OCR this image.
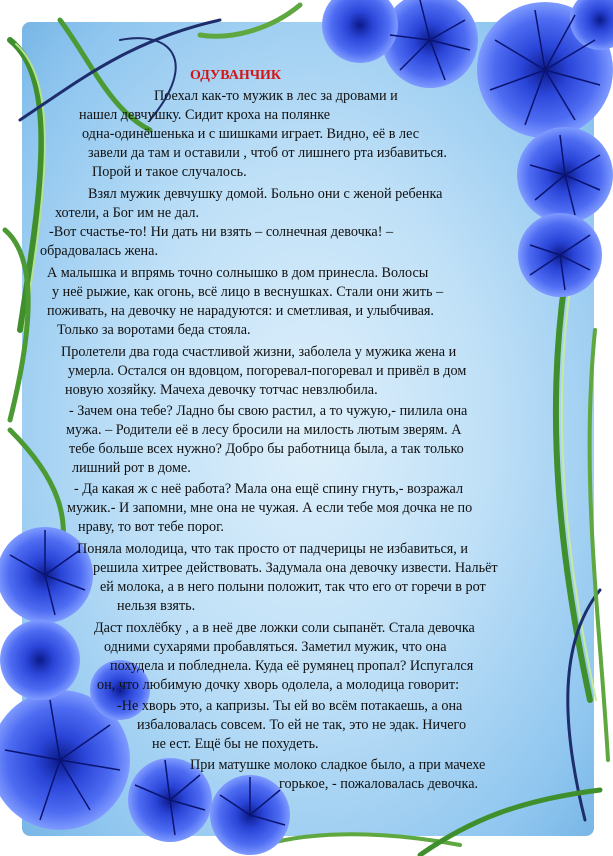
ОДУВАНЧИК
Поехал как-то мужик в лес за дровами и
нашел девчушку. Сидит кроха на полянке
одна-одинёшенька и с шишками играет. Видно, её в лес
завели да там и оставили , чтоб от лишнего рта избавиться.
Порой и такое случалось.
Взял мужик девчушку домой. Больно они с женой ребенка
хотели, а Бог им не дал.
-Вот счастье-то! Ни дать ни взять – солнечная девочка! –
обрадовалась жена.
А малышка и впрямь точно солнышко в дом принесла. Волосы
у неё рыжие, как огонь, всё лицо в веснушках. Стали они жить –
поживать, на девочку не нарадуются: и сметливая, и улыбчивая.
Только за воротами беда стояла.
Пролетели два года счастливой жизни, заболела у мужика жена и
умерла. Остался он вдовцом, погоревал-погоревал и привёл в дом
новую хозяйку. Мачеха девочку тотчас невзлюбила.
- Зачем она тебе? Ладно бы свою растил, а то чужую,- пилила она
мужа. – Родители её в лесу бросили на милость лютым зверям. А
тебе больше всех нужно? Добро бы работница была, а так только
лишний рот в доме.
- Да какая ж с неё работа? Мала она ещё спину гнуть,- возражал
мужик.- И запомни, мне она не чужая. А если тебе моя дочка не по
нраву, то вот тебе порог.
Поняла молодица, что так просто от падчерицы не избавиться, и
решила хитрее действовать. Задумала она девочку извести. Нальёт
ей молока, а в него полыни положит, так что его от горечи в рот
нельзя взять.
Даст похлёбку , а в неё две ложки соли сыпанёт. Стала девочка
одними сухарями пробавляться. Заметил мужик, что она
похудела и побледнела. Куда её румянец пропал? Испугался
он, что любимую дочку хворь одолела, а молодица говорит:
-Не хворь это, а капризы. Ты ей во всём потакаешь, а она
избаловалась совсем. То ей не так, это не эдак. Ничего
не ест. Ещё бы не похудеть.
При матушке молоко сладкое было, а при мачехе
горькое, - пожаловалась девочка.
